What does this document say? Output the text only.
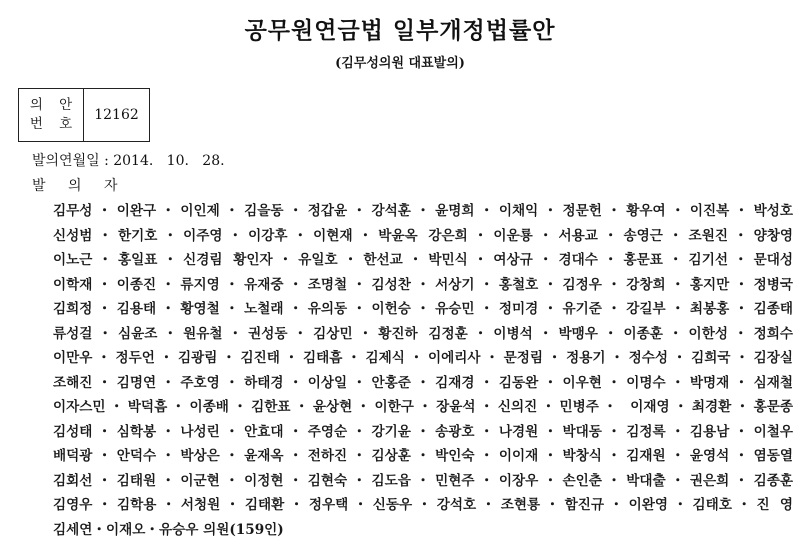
공무원연금법 일부개정법률안
(김무성의원 대표발의)
의 안
번 호
12162
발의연월일 : 2014.   10.   28.
발 의 자
김무성・이완구・이인제・김을동・정갑윤・강석훈・윤명희・이채익・정문헌・황우여・이진복・박성호
신성범・한기호・이주영・이강후・이현재・박윤옥 강은희・이운룡・서용교・송영근・조원진・양창영
이노근・홍일표・신경림 황인자・유일호・한선교・박민식・여상규・경대수・홍문표・김기선・문대성
이학재・이종진・류지영・유재중・조명철・김성찬・서상기・홍철호・김정우・강창희・홍지만・정병국
김희정・김용태・황영철・노철래・유의동・이헌승・유승민・정미경・유기준・강길부・최봉홍・김종태
류성걸・심윤조・원유철・권성동・김상민・황진하 김정훈・이병석・박맹우・이종훈・이한성・정희수
이만우・정두언・김광림・김진태・김태흠・김제식・이에리사・문정림・정용기・정수성・김희국・김장실
조해진・김명연・주호영・하태경・이상일・안홍준・김재경・김동완・이우현・이명수・박명재・심재철
이자스민・박덕흠・이종배・김한표・윤상현・이한구・장윤석・신의진・민병주・ 이재영・최경환・홍문종
김성태・심학봉・나성린・안효대・주영순・강기윤・송광호・나경원・박대동・김정록・김용남・이철우
배덕광・안덕수・박상은・윤재옥・전하진・김상훈・박인숙・이이재・박창식・김재원・윤영석・염동열
김회선・김태원・이군현・이정현・김현숙・김도읍・민현주・이장우・손인춘・박대출・권은희・김종훈
김영우・김학용・서청원・김태환・정우택・신동우・강석호・조현룡・함진규・이완영・김태호・진 영
김세연・이재오・유승우 의원(159인)
